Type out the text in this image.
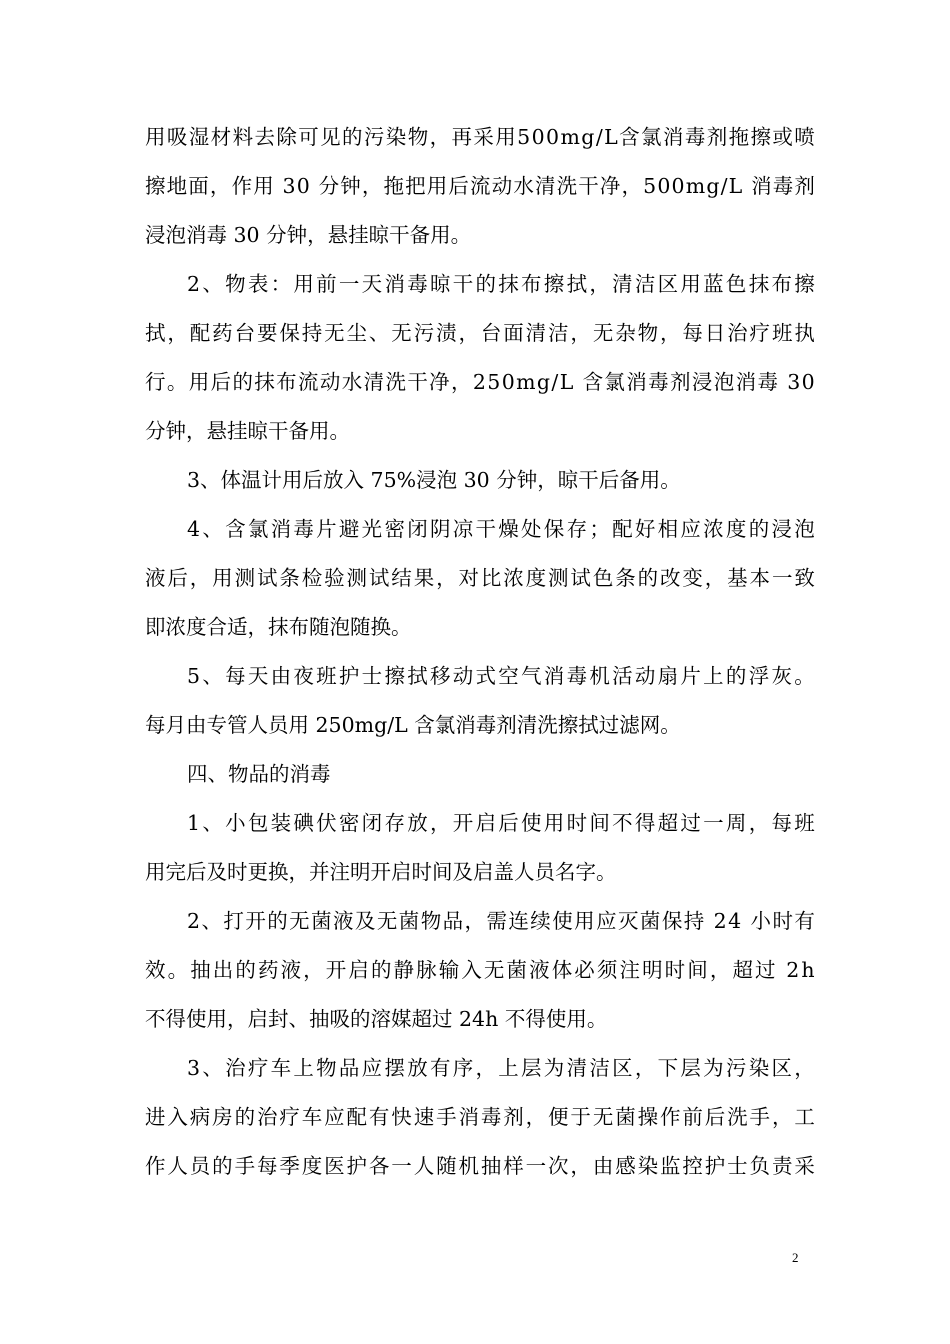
用 吸 湿 材 料 去 除 可 见 的 污 染 物 ， 再 采 用 5 0 0 m g / L 含 氯 消 毒 剂 拖 擦 或 喷
擦 地 面 ， 作 用
3 0
分 钟 ， 拖 把 用 后 流 动 水 清 洗 干 净 ， 5 0 0 m g / L
消 毒 剂
浸泡消毒 30 分钟，悬挂晾干备用。
2 、 物 表 ： 用 前 一 天 消 毒 晾 干 的 抹 布 擦 拭 ， 清 洁 区 用 蓝 色 抹 布 擦
拭 ， 配 药 台 要 保 持 无 尘 、 无 污 渍 ， 台 面 清 洁 ， 无 杂 物 ， 每 日 治 疗 班 执
行 。 用 后 的 抹 布 流 动 水 清 洗 干 净 ， 2 5 0 m g / L
含 氯 消 毒 剂 浸 泡 消 毒
3 0
分钟，悬挂晾干备用。
3、体温计用后放入 75%浸泡 30 分钟，晾干后备用。
4 、 含 氯 消 毒 片 避 光 密 闭 阴 凉 干 燥 处 保 存 ； 配 好 相 应 浓 度 的 浸 泡
液 后 ， 用 测 试 条 检 验 测 试 结 果 ， 对 比 浓 度 测 试 色 条 的 改 变 ， 基 本 一 致
即浓度合适，抹布随泡随换。
5 、 每 天 由 夜 班 护 士 擦 拭 移 动 式 空 气 消 毒 机 活 动 扇 片 上 的 浮 灰 。
每月由专管人员用 250mg/L 含氯消毒剂清洗擦拭过滤网。
四、物品的消毒
1 、 小 包 装 碘 伏 密 闭 存 放 ， 开 启 后 使 用 时 间 不 得 超 过 一 周 ， 每 班
用完后及时更换，并注明开启时间及启盖人员名字。
2 、 打 开 的 无 菌 液 及 无 菌 物 品 ， 需 连 续 使 用 应 灭 菌 保 持
2 4
小 时 有
效 。 抽 出 的 药 液 ， 开 启 的 静 脉 输 入 无 菌 液 体 必 须 注 明 时 间 ， 超 过
2 h
不得使用，启封、抽吸的溶媒超过 24h 不得使用。
3 、 治 疗 车 上 物 品 应 摆 放 有 序 ， 上 层 为 清 洁 区 ， 下 层 为 污 染 区 ，
进 入 病 房 的 治 疗 车 应 配 有 快 速 手 消 毒 剂 ， 便 于 无 菌 操 作 前 后 洗 手 ， 工
作 人 员 的 手 每 季 度 医 护 各 一 人 随 机 抽 样 一 次 ， 由 感 染 监 控 护 士 负 责 采
2
